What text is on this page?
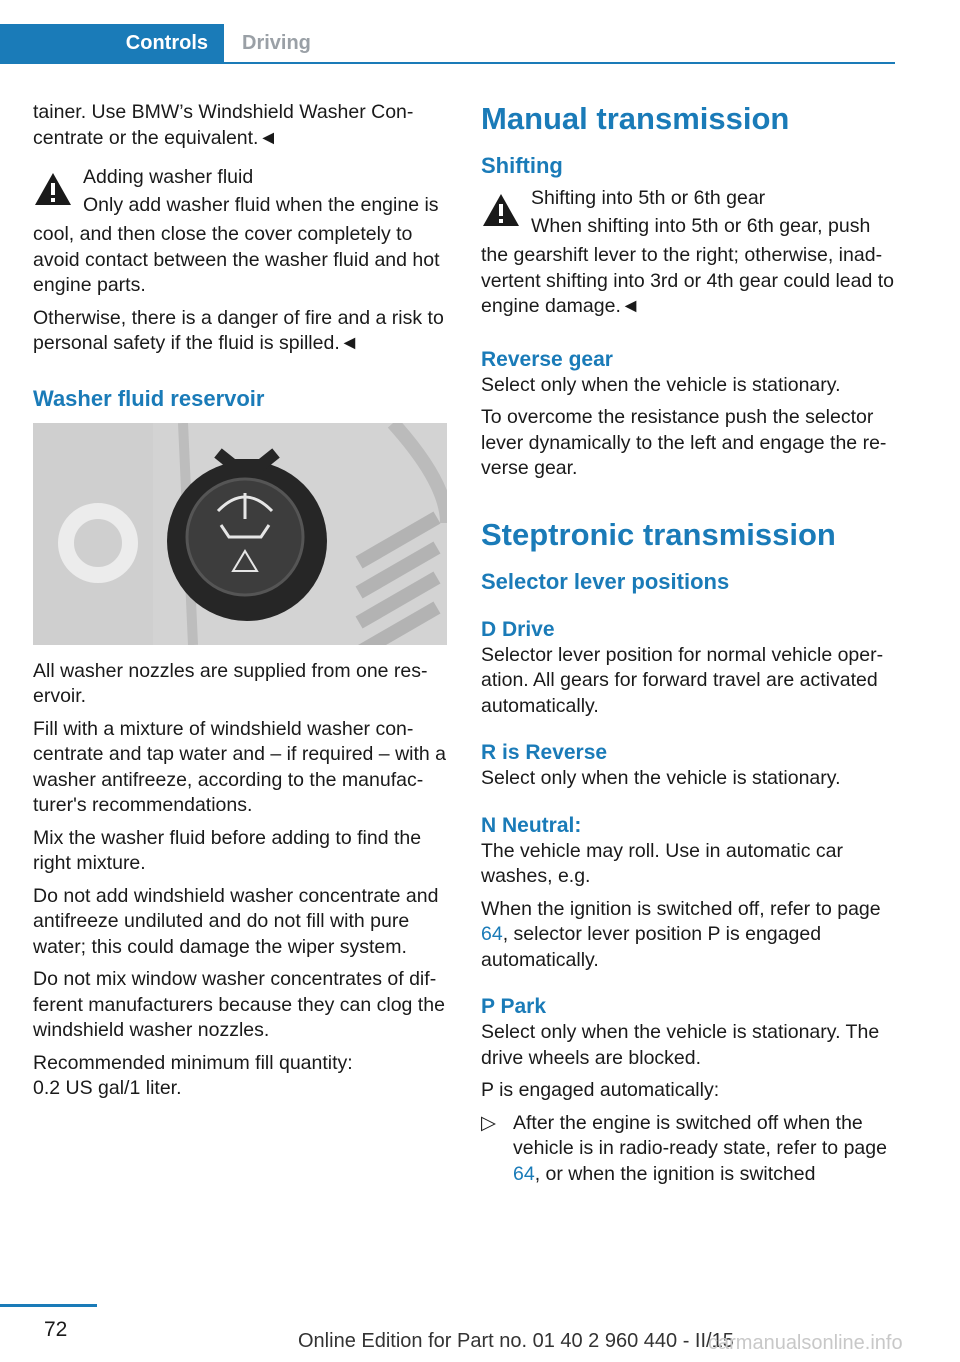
Controls Driving

tainer. Use BMW’s Windshield Washer Concentrate or the equivalent.◄

Adding washer fluid

Only add washer fluid when the engine is

cool, and then close the cover completely to avoid contact between the washer fluid and hot engine parts.

Otherwise, there is a danger of fire and a risk to personal safety if the fluid is spilled.◄

Washer fluid reservoir

All washer nozzles are supplied from one reservoir.

Fill with a mixture of windshield washer concentrate and tap water and – if required – with a washer antifreeze, according to the manufacturer's recommendations.

Mix the washer fluid before adding to find the right mixture.

Do not add windshield washer concentrate and antifreeze undiluted and do not fill with pure water; this could damage the wiper system.

Do not mix window washer concentrates of different manufacturers because they can clog the windshield washer nozzles.

Recommended minimum fill quantity:
0.2 US gal/1 liter.

Manual transmission
Shifting

Shifting into 5th or 6th gear

When shifting into 5th or 6th gear, push

the gearshift lever to the right; otherwise, inadvertent shifting into 3rd or 4th gear could lead to engine damage.◄

Reverse gear

Select only when the vehicle is stationary.

To overcome the resistance push the selector lever dynamically to the left and engage the reverse gear.

Steptronic transmission
Selector lever positions
D Drive

Selector lever position for normal vehicle operation. All gears for forward travel are activated automatically.

R is Reverse

Select only when the vehicle is stationary.

N Neutral:

The vehicle may roll. Use in automatic car washes, e.g.

When the ignition is switched off, refer to page 64, selector lever position P is engaged automatically.

P Park

Select only when the vehicle is stationary. The drive wheels are blocked.

P is engaged automatically:

▷ After the engine is switched off when the vehicle is in radio-ready state, refer to page 64, or when the ignition is switched

72	Online Edition for Part no. 01 40 2 960 440 - II/15
carmanualsonline.info
